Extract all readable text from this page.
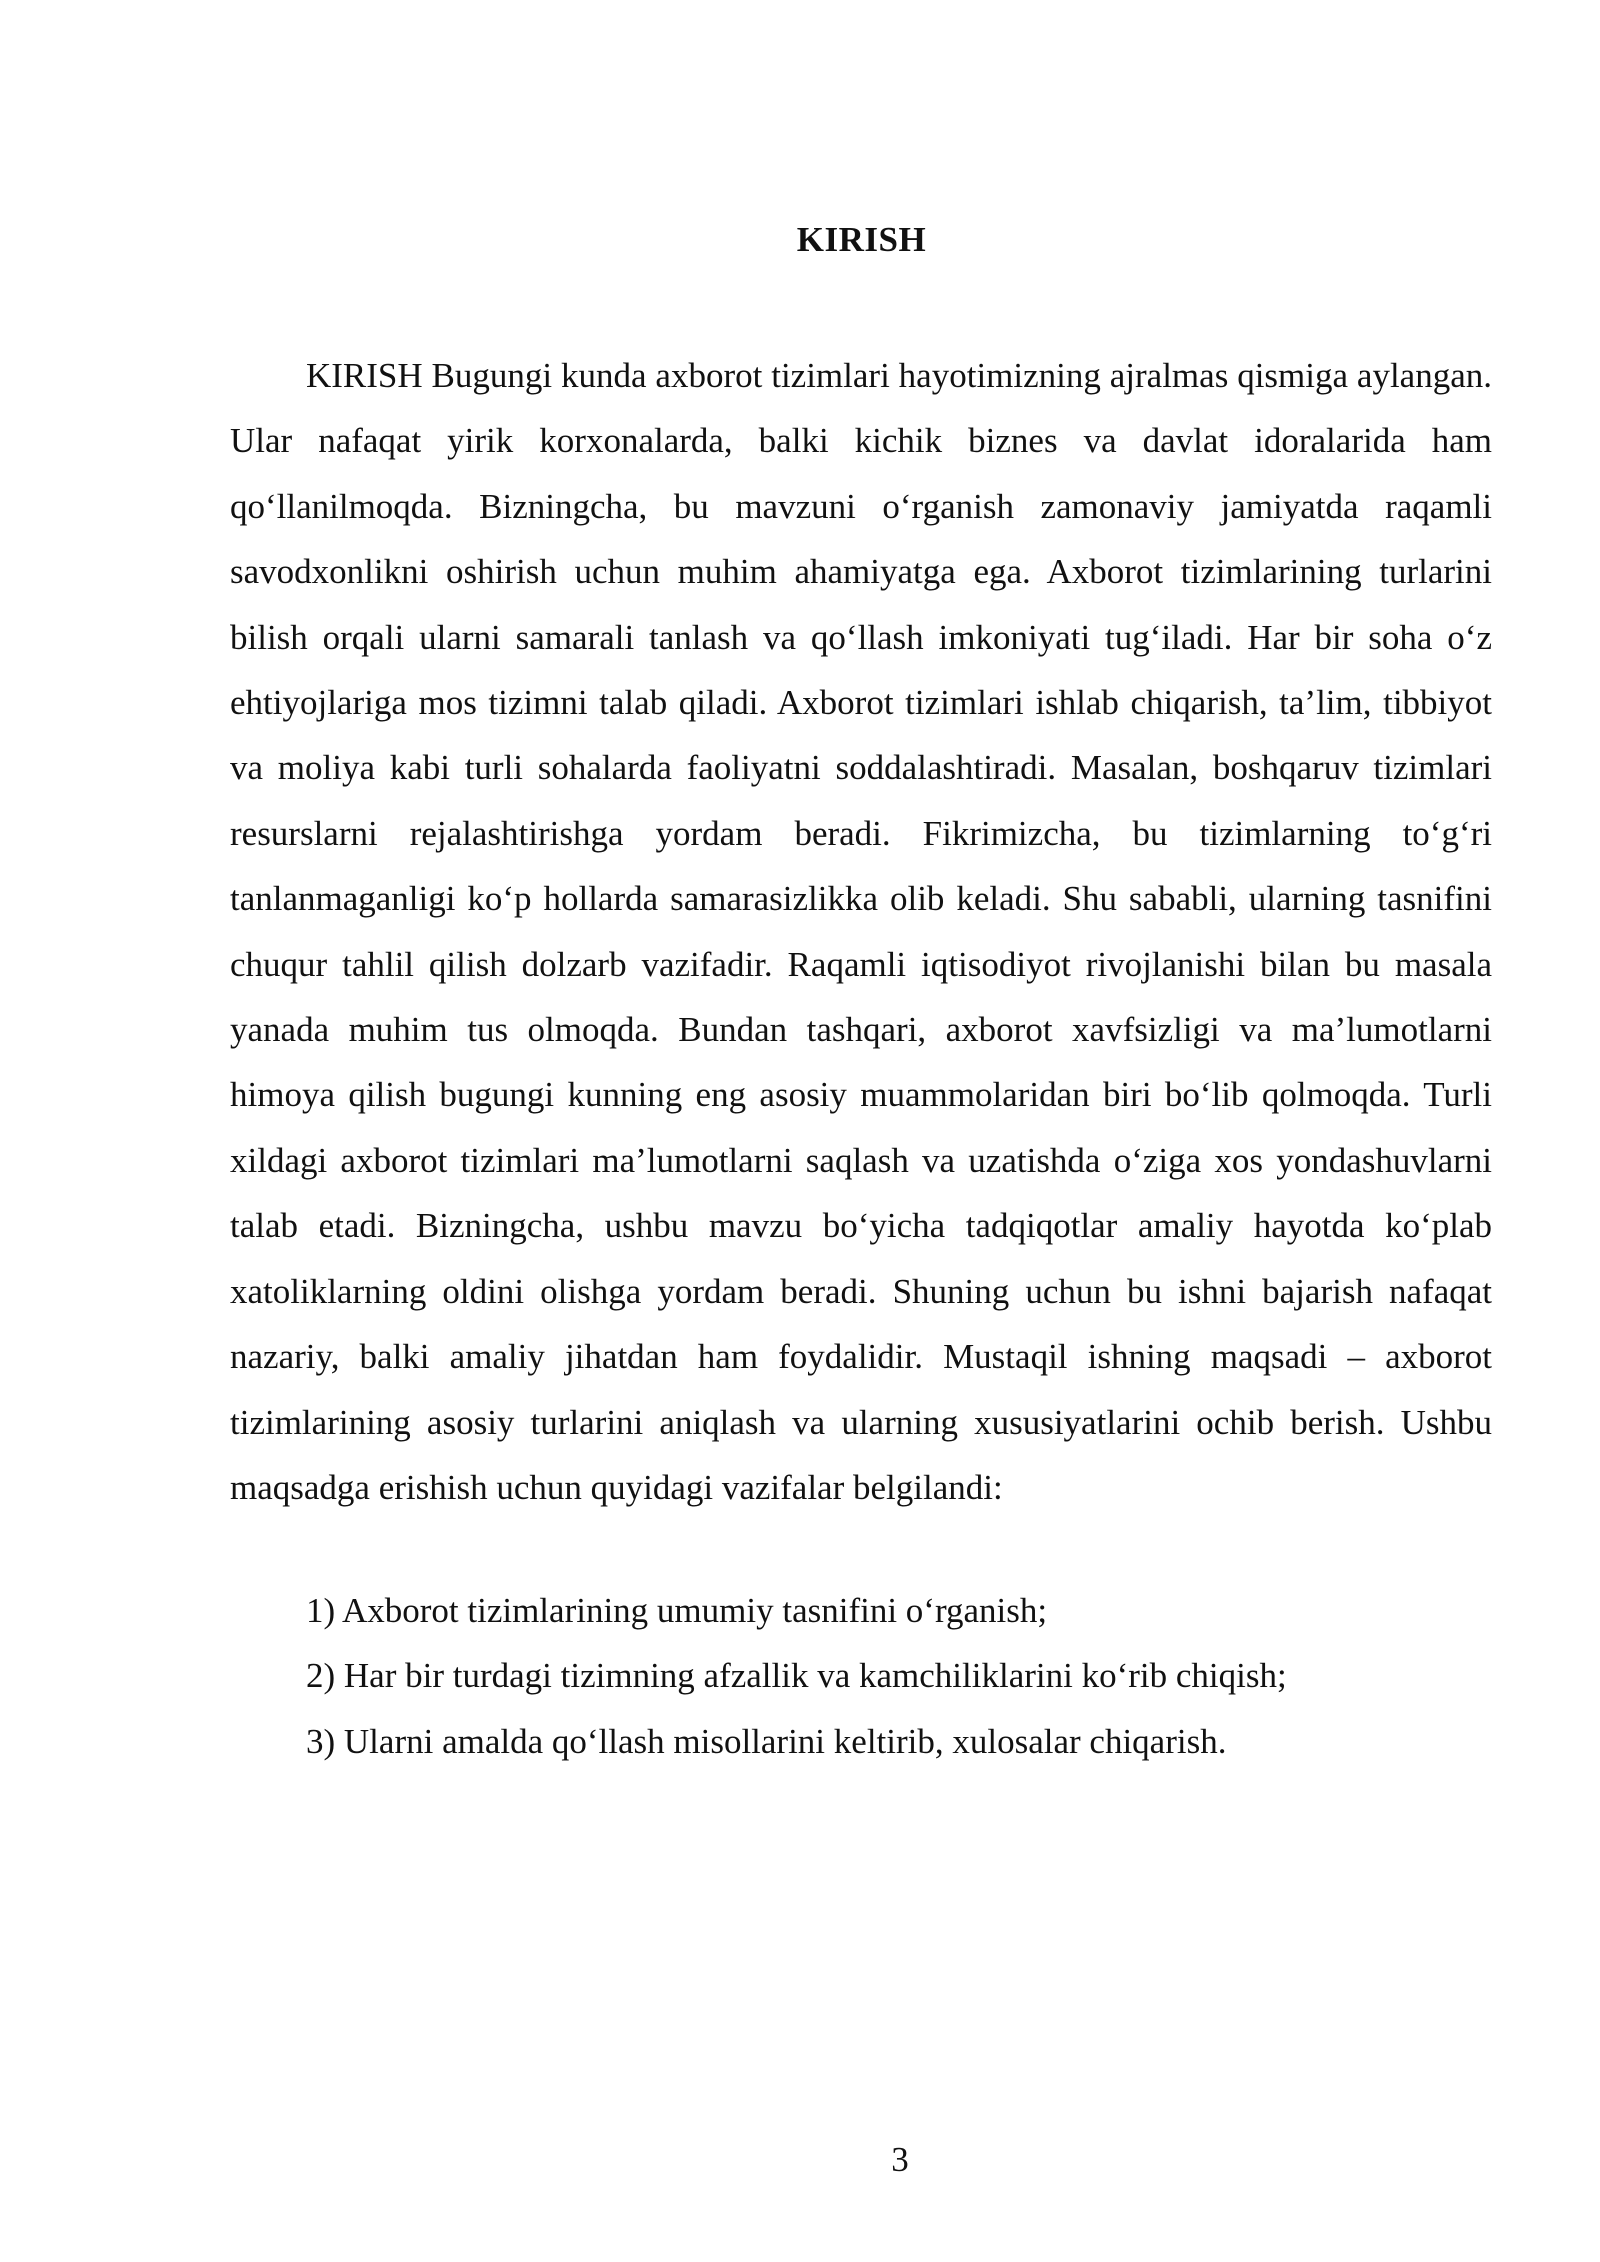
KIRISH

KIRISH Bugungi kunda axborot tizimlari hayotimizning ajralmas qismiga aylangan. Ular nafaqat yirik korxonalarda, balki kichik biznes va davlat idoralarida ham qo‘llanilmoqda. Bizningcha, bu mavzuni o‘rganish zamonaviy jamiyatda raqamli savodxonlikni oshirish uchun muhim ahamiyatga ega. Axborot tizimlarining turlarini bilish orqali ularni samarali tanlash va qo‘llash imkoniyati tug‘iladi. Har bir soha o‘z ehtiyojlariga mos tizimni talab qiladi. Axborot tizimlari ishlab chiqarish, ta’lim, tibbiyot va moliya kabi turli sohalarda faoliyatni soddalashtiradi. Masalan, boshqaruv tizimlari resurslarni rejalashtirishga yordam beradi. Fikrimizcha, bu tizimlarning to‘g‘ri tanlanmaganligi ko‘p hollarda samarasizlikka olib keladi. Shu sababli, ularning tasnifini chuqur tahlil qilish dolzarb vazifadir. Raqamli iqtisodiyot rivojlanishi bilan bu masala yanada muhim tus olmoqda. Bundan tashqari, axborot xavfsizligi va ma’lumotlarni himoya qilish bugungi kunning eng asosiy muammolaridan biri bo‘lib qolmoqda. Turli xildagi axborot tizimlari ma’lumotlarni saqlash va uzatishda o‘ziga xos yondashuvlarni talab etadi. Bizningcha, ushbu mavzu bo‘yicha tadqiqotlar amaliy hayotda ko‘plab xatoliklarning oldini olishga yordam beradi. Shuning uchun bu ishni bajarish nafaqat nazariy, balki amaliy jihatdan ham foydalidir. Mustaqil ishning maqsadi – axborot tizimlarining asosiy turlarini aniqlash va ularning xususiyatlarini ochib berish. Ushbu maqsadga erishish uchun quyidagi vazifalar belgilandi:

1) Axborot tizimlarining umumiy tasnifini o‘rganish;
2) Har bir turdagi tizimning afzallik va kamchiliklarini ko‘rib chiqish;
3) Ularni amalda qo‘llash misollarini keltirib, xulosalar chiqarish.
3
